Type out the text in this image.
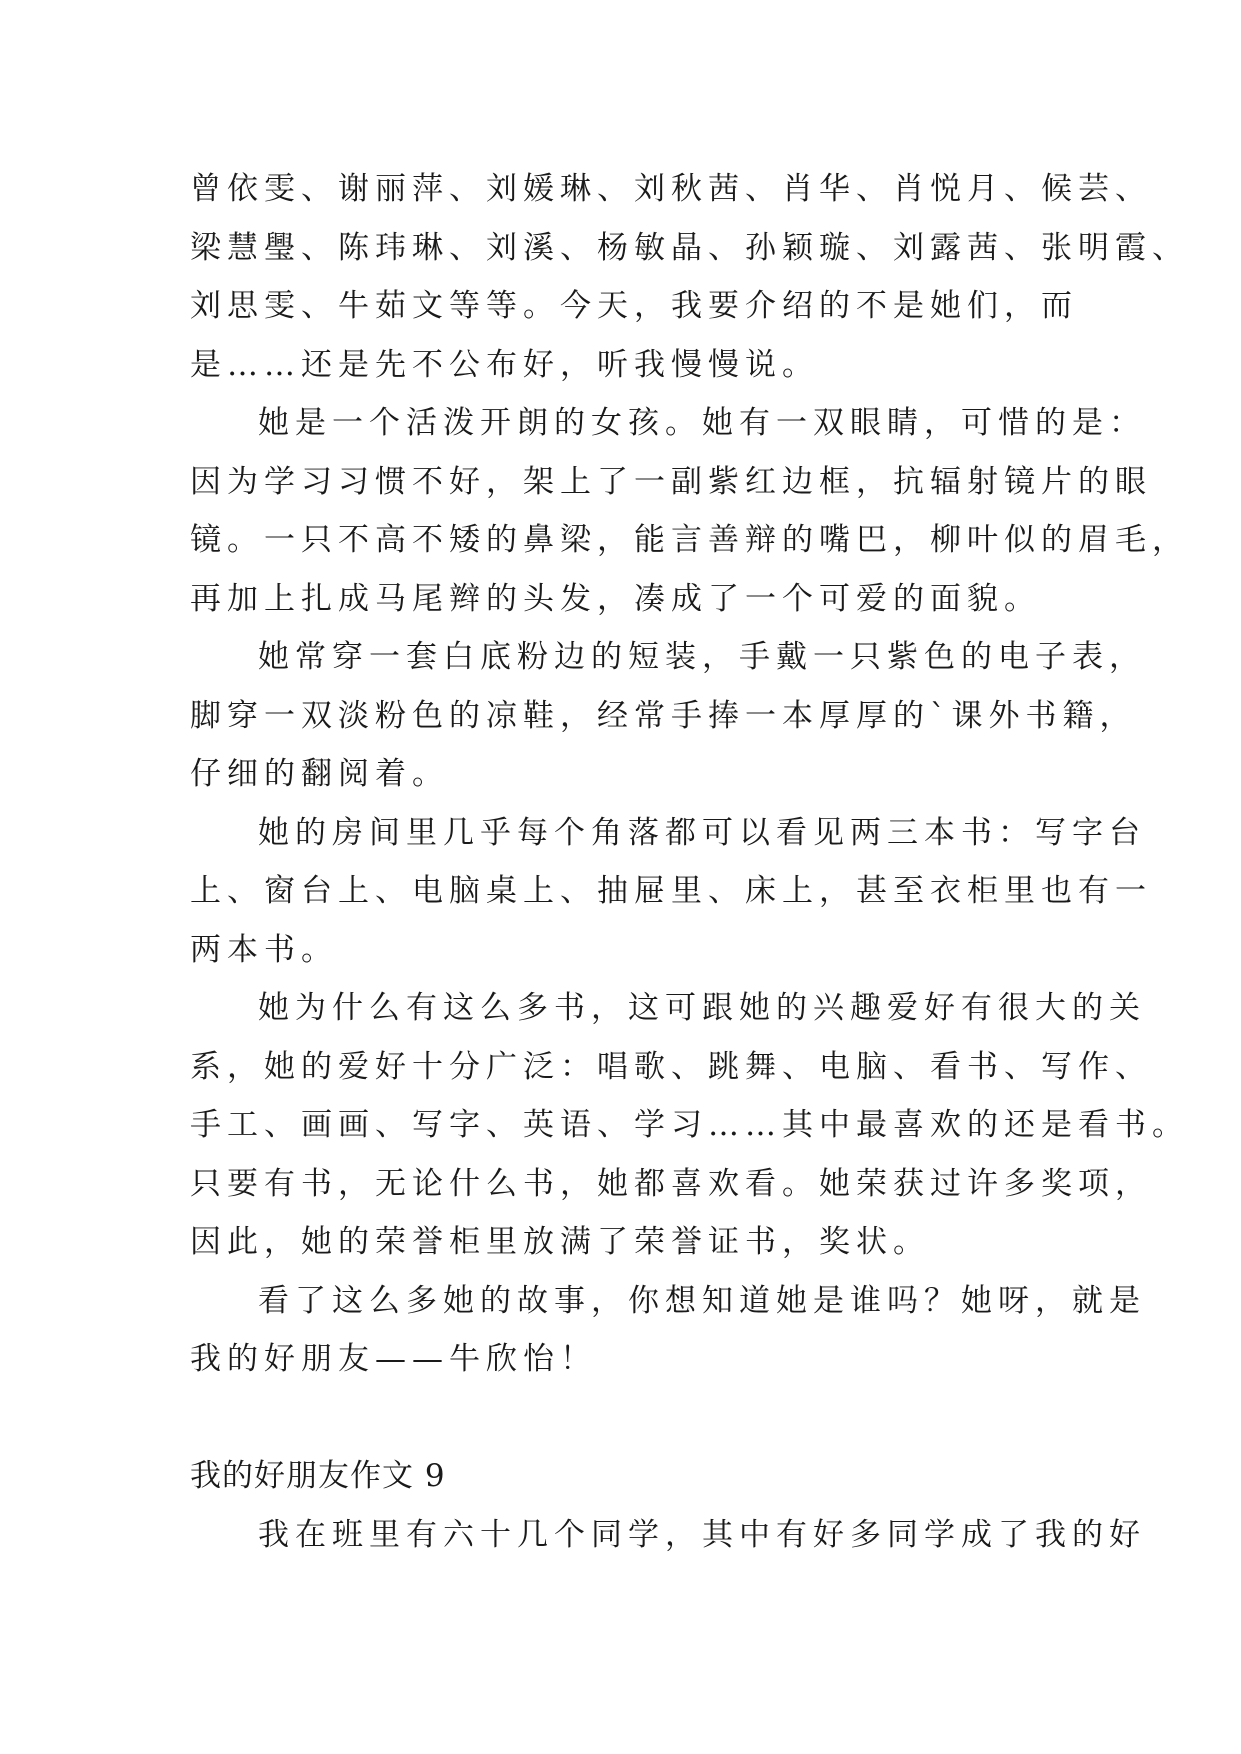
曾依雯、谢丽萍、刘媛琳、刘秋茜、肖华、肖悦月、候芸、
梁慧璺、陈玮琳、刘溪、杨敏晶、孙颖璇、刘露茜、张明霞、
刘思雯、牛茹文等等。今天，我要介绍的不是她们，而
是……还是先不公布好，听我慢慢说。
她是一个活泼开朗的女孩。她有一双眼睛，可惜的是：
因为学习习惯不好，架上了一副紫红边框，抗辐射镜片的眼
镜。一只不高不矮的鼻梁，能言善辩的嘴巴，柳叶似的眉毛，
再加上扎成马尾辫的头发，凑成了一个可爱的面貌。
她常穿一套白底粉边的短装，手戴一只紫色的电子表，
脚穿一双淡粉色的凉鞋，经常手捧一本厚厚的`课外书籍，
仔细的翻阅着。
她的房间里几乎每个角落都可以看见两三本书：写字台
上、窗台上、电脑桌上、抽屉里、床上，甚至衣柜里也有一
两本书。
她为什么有这么多书，这可跟她的兴趣爱好有很大的关
系，她的爱好十分广泛：唱歌、跳舞、电脑、看书、写作、
手工、画画、写字、英语、学习……其中最喜欢的还是看书。
只要有书，无论什么书，她都喜欢看。她荣获过许多奖项，
因此，她的荣誉柜里放满了荣誉证书，奖状。
看了这么多她的故事，你想知道她是谁吗？她呀，就是
我的好朋友——牛欣怡！
我的好朋友作文 9
我在班里有六十几个同学，其中有好多同学成了我的好
